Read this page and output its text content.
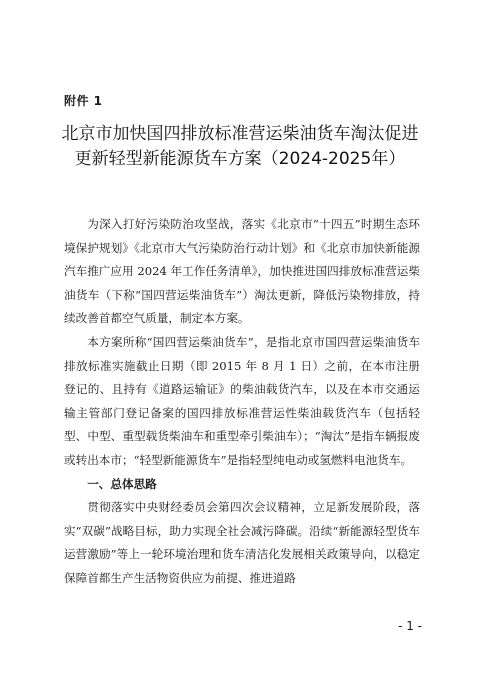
附件 1
北京市加快国四排放标准营运柴油货车淘汰促进更新轻型新能源货车方案（2024-2025年）

为深入打好污染防治攻坚战，落实《北京市“十四五”时期生态环境保护规划》《北京市大气污染防治行动计划》和《北京市加快新能源汽车推广应用 2024 年工作任务清单》，加快推进国四排放标准营运柴油货车（下称“国四营运柴油货车”）淘汰更新，降低污染物排放，持续改善首都空气质量，制定本方案。

本方案所称“国四营运柴油货车”，是指北京市国四营运柴油货车排放标准实施截止日期（即 2015 年 8 月 1 日）之前，在本市注册登记的、且持有《道路运输证》的柴油载货汽车，以及在本市交通运输主管部门登记备案的国四排放标准营运性柴油载货汽车（包括轻型、中型、重型载货柴油车和重型牵引柴油车）；“淘汰”是指车辆报废或转出本市；“轻型新能源货车”是指轻型纯电动或氢燃料电池货车。

一、总体思路

贯彻落实中央财经委员会第四次会议精神，立足新发展阶段，落实“双碳”战略目标，助力实现全社会减污降碳。沿续“新能源轻型货车运营激励”等上一轮环境治理和货车清洁化发展相关政策导向，以稳定保障首都生产生活物资供应为前提、推进道路

- 1 -
